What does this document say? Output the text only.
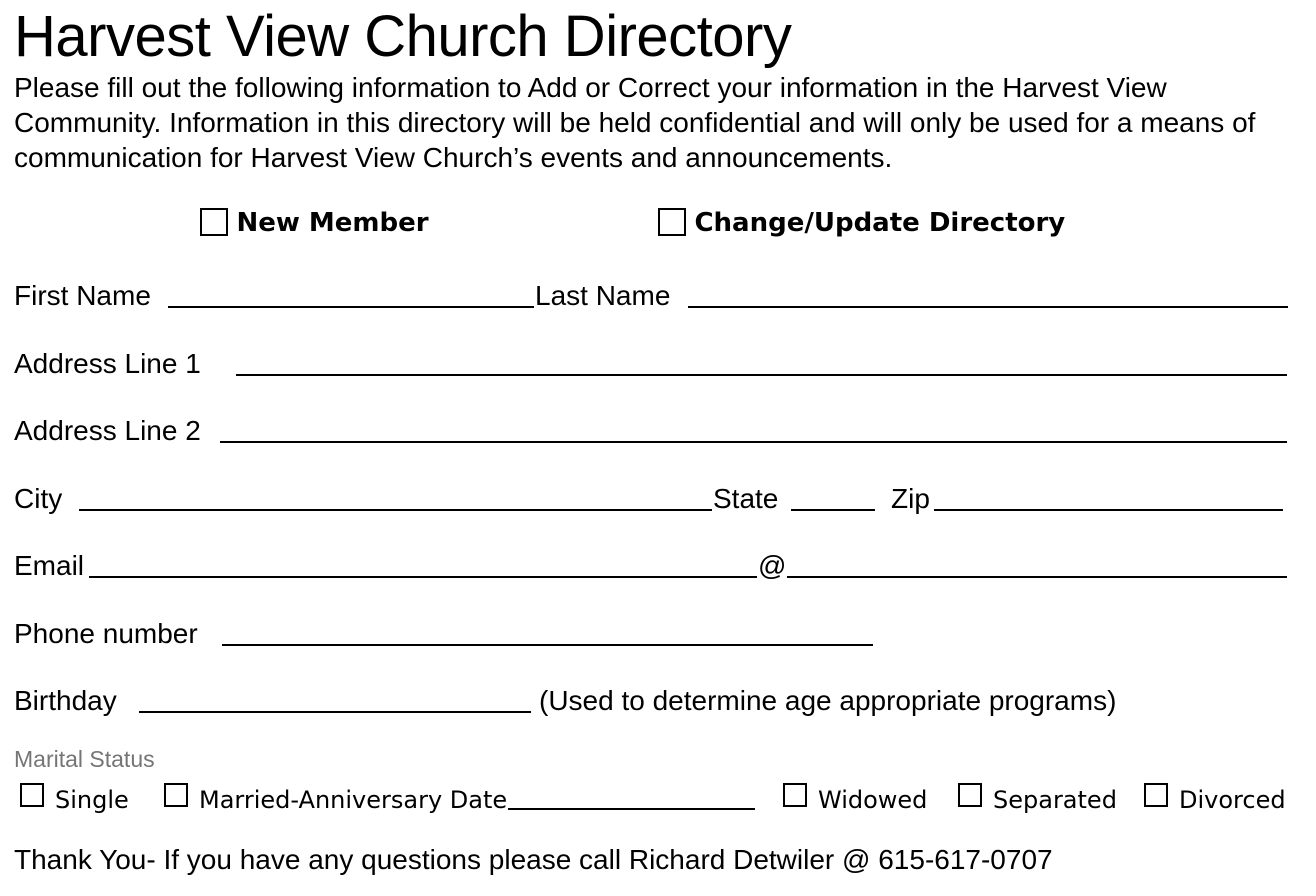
Harvest View Church Directory
Please fill out the following information to Add or Correct your information in the Harvest View Community. Information in this directory will be held confidential and will only be used for a means of communication for Harvest View Church’s events and announcements.
New Member	Change/Update Directory
First Name	Last Name
Address Line 1
Address Line 2
City	State	Zip
Email	@
Phone number
Birthday	(Used to determine age appropriate programs)
Marital Status
Single	Married-Anniversary Date	Widowed	Separated	Divorced
Thank You- If you have any questions please call Richard Detwiler @ 615-617-0707
